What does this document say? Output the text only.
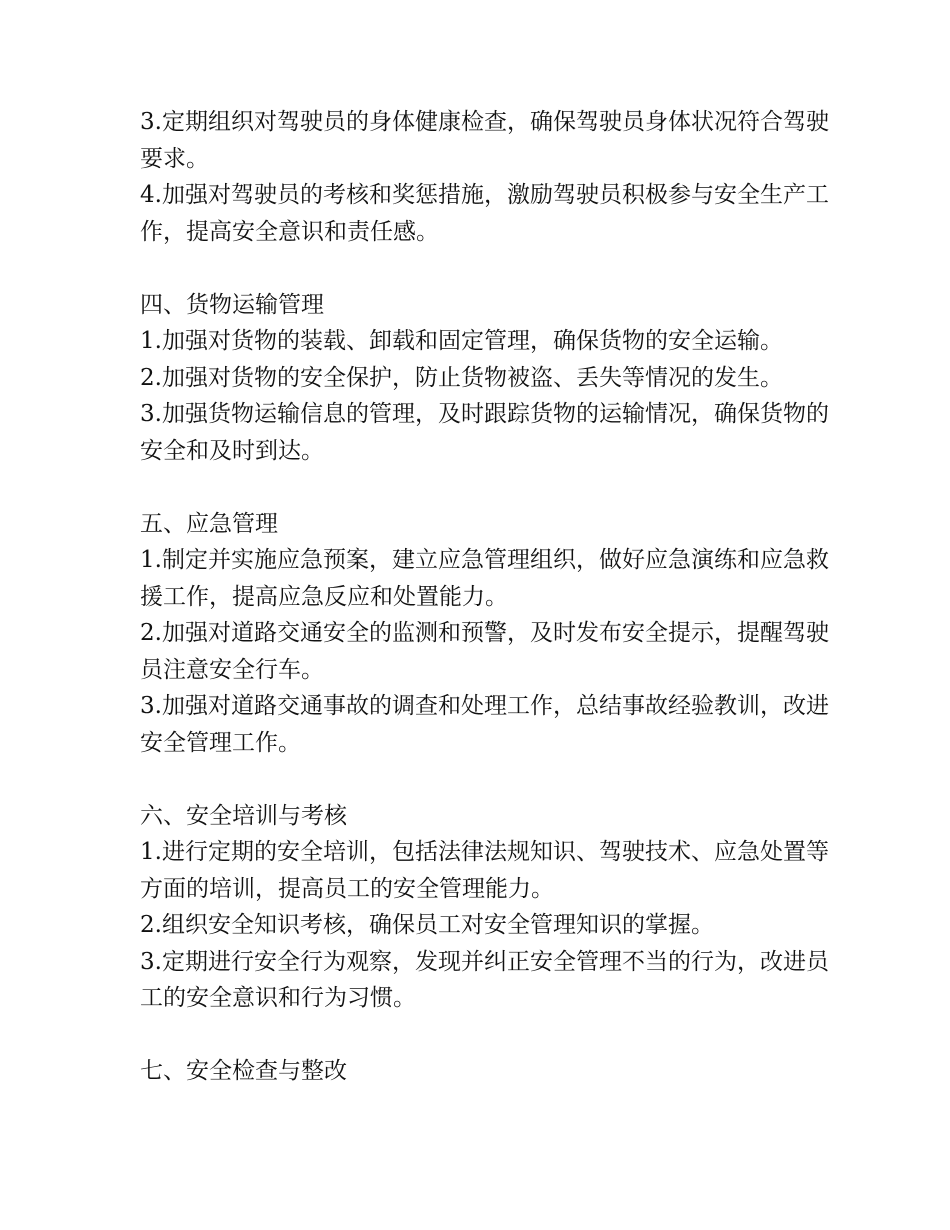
3.定期组织对驾驶员的身体健康检查，确保驾驶员身体状况符合驾驶要求。

4.加强对驾驶员的考核和奖惩措施，激励驾驶员积极参与安全生产工作，提高安全意识和责任感。

四、货物运输管理

1.加强对货物的装载、卸载和固定管理，确保货物的安全运输。

2.加强对货物的安全保护，防止货物被盗、丢失等情况的发生。

3.加强货物运输信息的管理，及时跟踪货物的运输情况，确保货物的安全和及时到达。

五、应急管理

1.制定并实施应急预案，建立应急管理组织，做好应急演练和应急救援工作，提高应急反应和处置能力。

2.加强对道路交通安全的监测和预警，及时发布安全提示，提醒驾驶员注意安全行车。

3.加强对道路交通事故的调查和处理工作，总结事故经验教训，改进安全管理工作。

六、安全培训与考核

1.进行定期的安全培训，包括法律法规知识、驾驶技术、应急处置等方面的培训，提高员工的安全管理能力。

2.组织安全知识考核，确保员工对安全管理知识的掌握。

3.定期进行安全行为观察，发现并纠正安全管理不当的行为，改进员工的安全意识和行为习惯。

七、安全检查与整改
